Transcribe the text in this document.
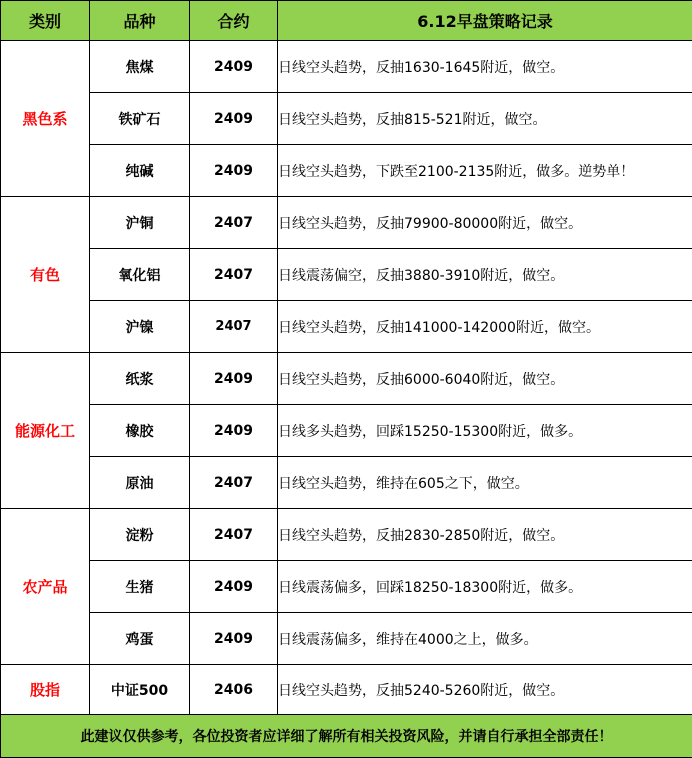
类别	品种	合约	6.12早盘策略记录
黑色系	焦煤	2409	日线空头趋势，反抽1630-1645附近，做空。
	铁矿石	2409	日线空头趋势，反抽815-521附近，做空。
	纯碱	2409	日线空头趋势，下跌至2100-2135附近，做多。逆势单！
有色	沪铜	2407	日线空头趋势，反抽79900-80000附近，做空。
	氧化铝	2407	日线震荡偏空，反抽3880-3910附近，做空。
	沪镍	2407	日线空头趋势，反抽141000-142000附近，做空。
能源化工	纸浆	2409	日线空头趋势，反抽6000-6040附近，做空。
	橡胶	2409	日线多头趋势，回踩15250-15300附近，做多。
	原油	2407	日线空头趋势，维持在605之下，做空。
农产品	淀粉	2407	日线空头趋势，反抽2830-2850附近，做空。
	生猪	2409	日线震荡偏多，回踩18250-18300附近，做多。
	鸡蛋	2409	日线震荡偏多，维持在4000之上，做多。
股指	中证500	2406	日线空头趋势，反抽5240-5260附近，做空。
此建议仅供参考，各位投资者应详细了解所有相关投资风险，并请自行承担全部责任！			
